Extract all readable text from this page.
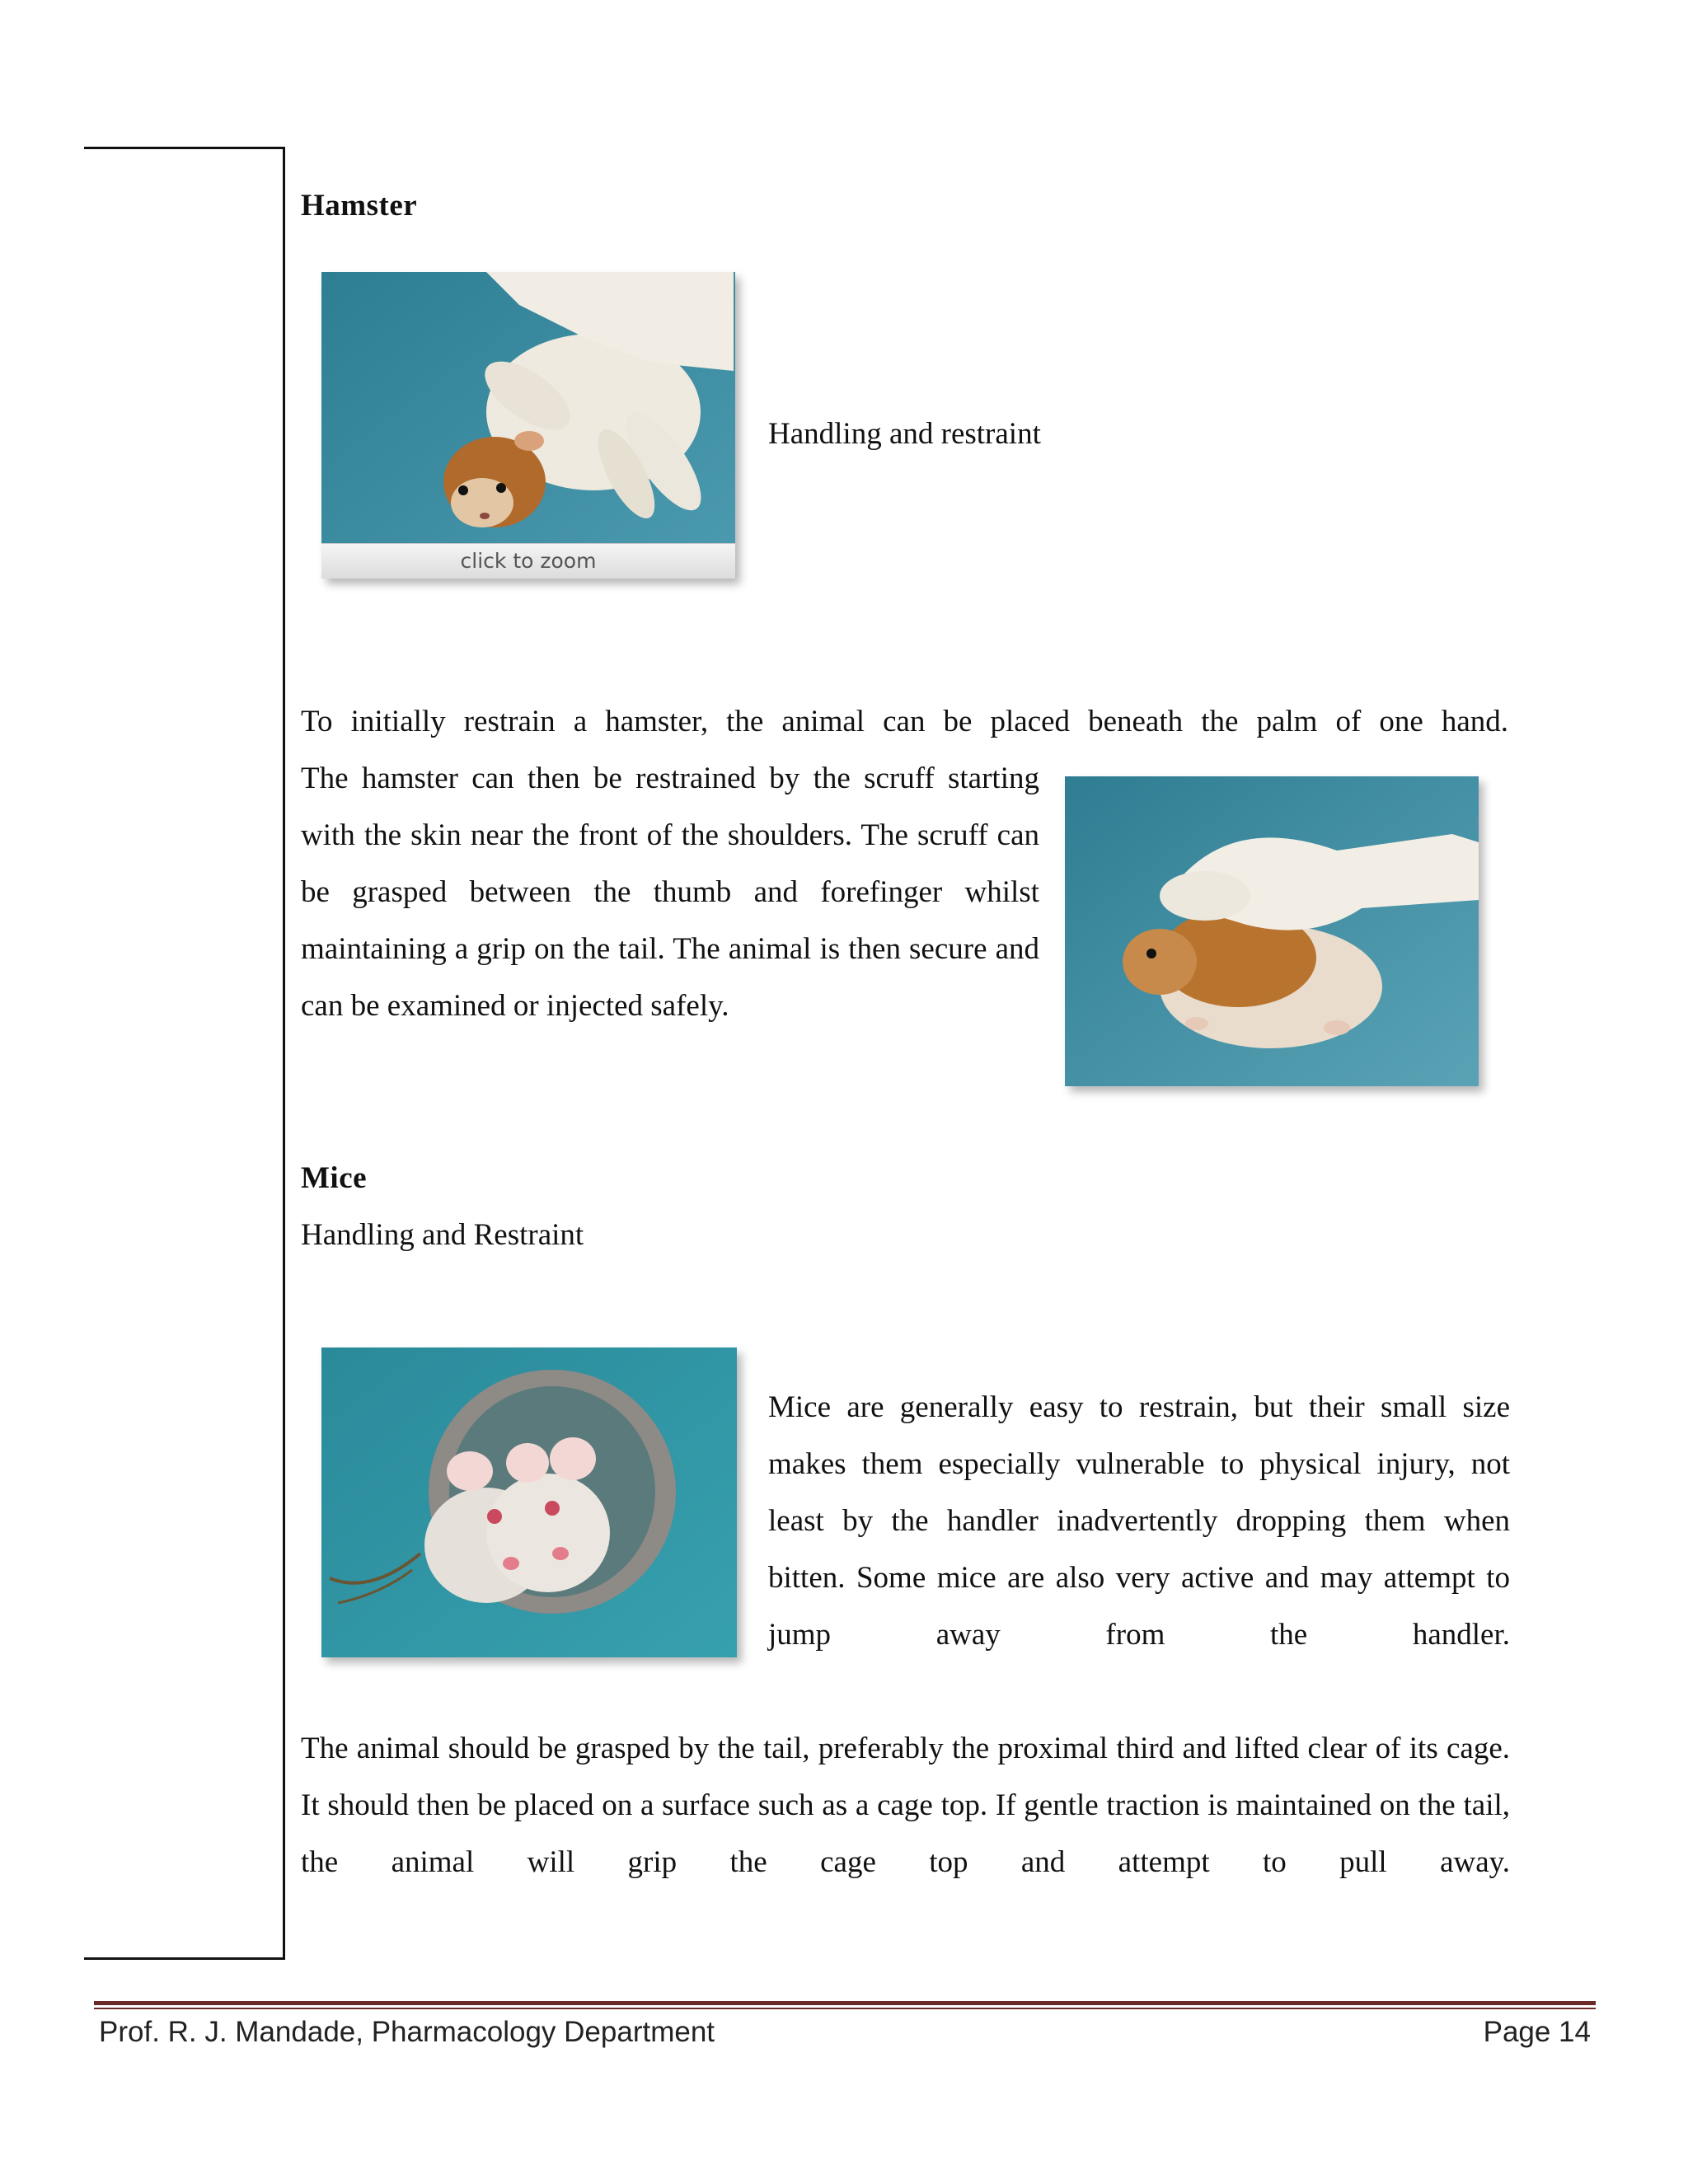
Hamster
click to zoom
Handling and restraint
To initially restrain a hamster, the animal can be placed beneath the palm of one hand.
The hamster can then be restrained by the scruff starting with the skin near the front of the shoulders. The scruff can be grasped between the thumb and forefinger whilst maintaining a grip on the tail. The animal is then secure and can be examined or injected safely.
Mice
Handling and Restraint
Mice are generally easy to restrain, but their small size makes them especially vulnerable to physical injury, not least by the handler inadvertently dropping them when bitten. Some mice are also very active and may attempt to jump away from the handler.
The animal should be grasped by the tail, preferably the proximal third and lifted clear of its cage. It should then be placed on a surface such as a cage top. If gentle traction is maintained on the tail, the animal will grip the cage top and attempt to pull away.
Prof. R. J. Mandade, Pharmacology Department	Page 14
